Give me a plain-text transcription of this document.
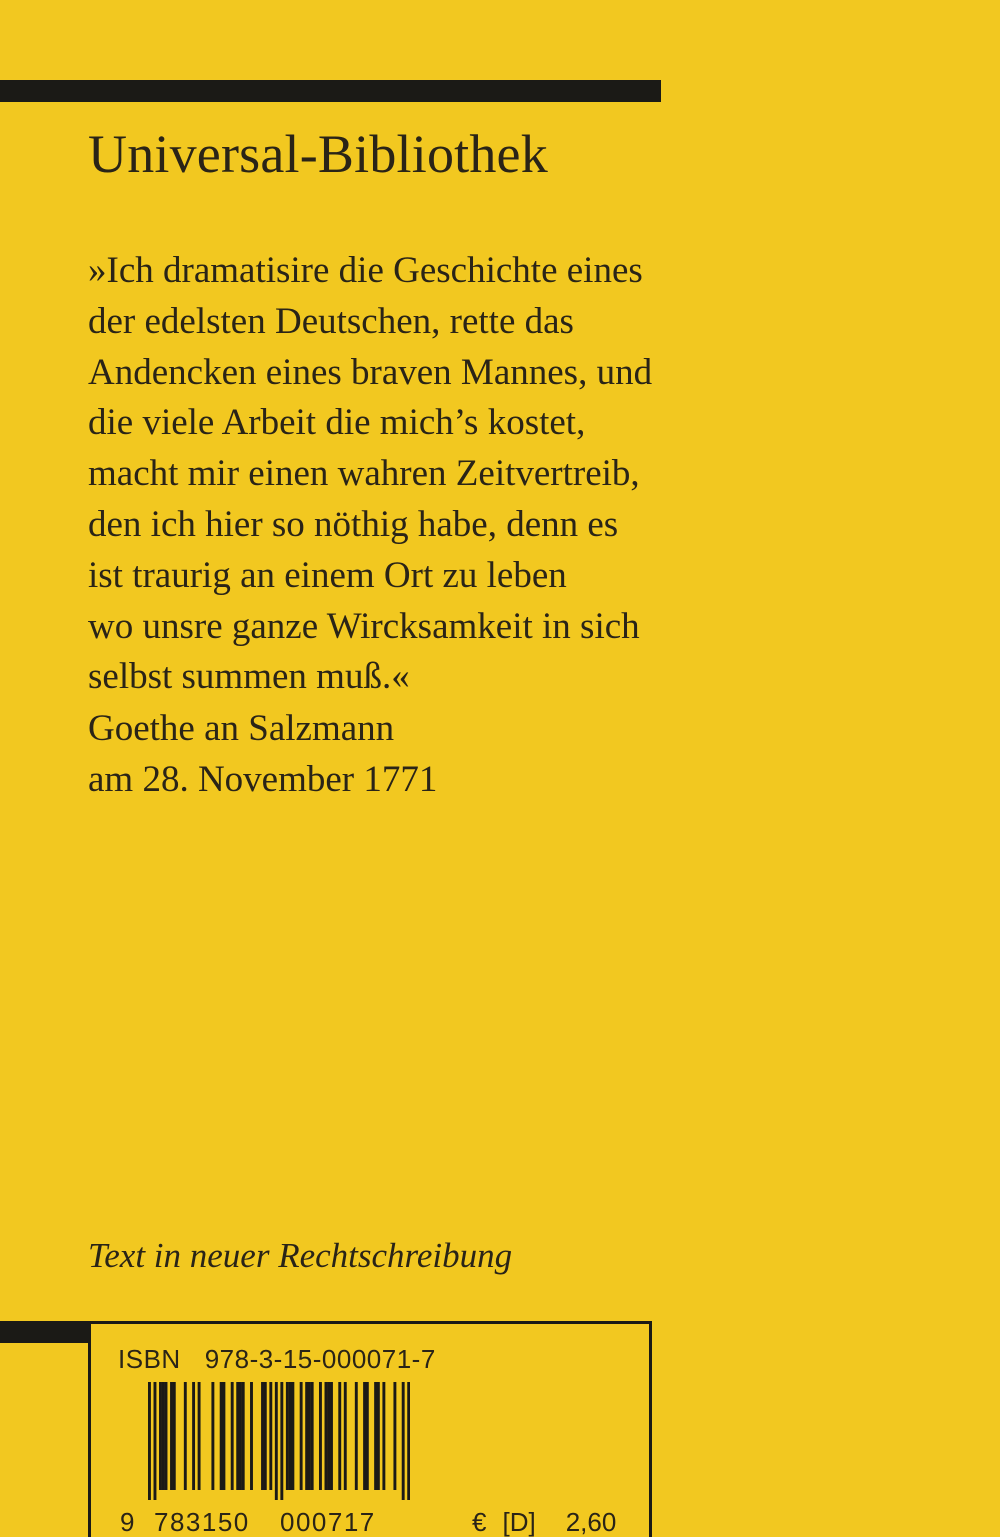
Universal-Bibliothek
»Ich dramatisire die Geschichte eines
der edelsten Deutschen, rette das
Andencken eines braven Mannes, und
die viele Arbeit die mich’s kostet,
macht mir einen wahren Zeitvertreib,
den ich hier so nöthig habe, denn es
ist traurig an einem Ort zu leben
wo unsre ganze Wircksamkeit in sich
selbst summen muß.«
Goethe an Salzmann
am 28. November 1771
Text in neuer Rechtschreibung
ISBN 978-3-15-000071-7
9 783150 000717	€ [D] 2,60
